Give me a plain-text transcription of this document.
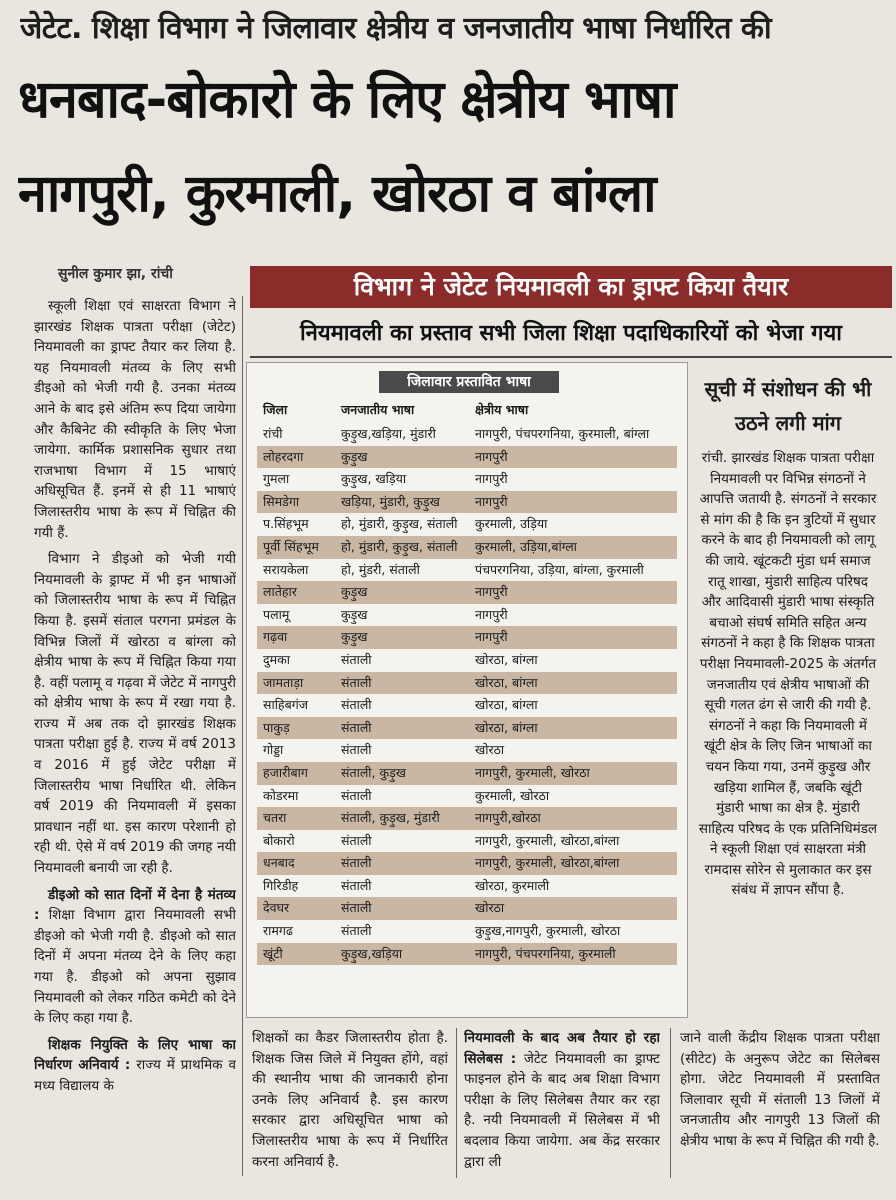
जेटेट. शिक्षा विभाग ने जिलावार क्षेत्रीय व जनजातीय भाषा निर्धारित की
धनबाद-बोकारो के लिए क्षेत्रीय भाषा
नागपुरी, कुरमाली, खोरठा व बांग्ला
सुनील कुमार झा, रांची

स्कूली शिक्षा एवं साक्षरता विभाग ने झारखंड शिक्षक पात्रता परीक्षा (जेटेट) नियमावली का ड्राफ्ट तैयार कर लिया है. यह नियमावली मंतव्य के लिए सभी डीइओ को भेजी गयी है. उनका मंतव्य आने के बाद इसे अंतिम रूप दिया जायेगा और कैबिनेट की स्वीकृति के लिए भेजा जायेगा. कार्मिक प्रशासनिक सुधार तथा राजभाषा विभाग में 15 भाषाएं अधिसूचित हैं. इनमें से ही 11 भाषाएं जिलास्तरीय भाषा के रूप में चिह्नित की गयी हैं.

विभाग ने डीइओ को भेजी गयी नियमावली के ड्राफ्ट में भी इन भाषाओं को जिलास्तरीय भाषा के रूप में चिह्नित किया है. इसमें संताल परगना प्रमंडल के विभिन्न जिलों में खोरठा व बांग्ला को क्षेत्रीय भाषा के रूप में चिह्नित किया गया है. वहीं पलामू व गढ़वा में जेटेट में नागपुरी को क्षेत्रीय भाषा के रूप में रखा गया है. राज्य में अब तक दो झारखंड शिक्षक पात्रता परीक्षा हुई है. राज्य में वर्ष 2013 व 2016 में हुई जेटेट परीक्षा में जिलास्तरीय भाषा निर्धारित थी. लेकिन वर्ष 2019 की नियमावली में इसका प्रावधान नहीं था. इस कारण परेशानी हो रही थी. ऐसे में वर्ष 2019 की जगह नयी नियमावली बनायी जा रही है.

डीइओ को सात दिनों में देना है मंतव्य : शिक्षा विभाग द्वारा नियमावली सभी डीइओ को भेजी गयी है. डीइओ को सात दिनों में अपना मंतव्य देने के लिए कहा गया है. डीइओ को अपना सुझाव नियमावली को लेकर गठित कमेटी को देने के लिए कहा गया है.

शिक्षक नियुक्ति के लिए भाषा का निर्धारण अनिवार्य : राज्य में प्राथमिक व मध्य विद्यालय के

विभाग ने जेटेट नियमावली का ड्राफ्ट किया तैयार
नियमावली का प्रस्ताव सभी जिला शिक्षा पदाधिकारियों को भेजा गया
जिलावार प्रस्तावित भाषा
जिला	जनजातीय भाषा	क्षेत्रीय भाषा
रांची	कुड़ुख,खड़िया, मुंडारी	नागपुरी, पंचपरगनिया, कुरमाली, बांग्ला
लोहरदगा	कुड़ुख	नागपुरी
गुमला	कुड़ुख, खड़िया	नागपुरी
सिमडेगा	खड़िया, मुंडारी, कुड़ुख	नागपुरी
प.सिंहभूम	हो, मुंडारी, कुड़ुख, संताली	कुरमाली, उड़िया
पूर्वी सिंहभूम	हो, मुंडारी, कुड़ुख, संताली	कुरमाली, उड़िया,बांग्ला
सरायकेला	हो, मुंडरी, संताली	पंचपरगनिया, उड़िया, बांग्ला, कुरमाली
लातेहार	कुड़ुख	नागपुरी
पलामू	कुड़ुख	नागपुरी
गढ़वा	कुड़ुख	नागपुरी
दुमका	संताली	खोरठा, बांग्ला
जामताड़ा	संताली	खोरठा, बांग्ला
साहिबगंज	संताली	खोरठा, बांग्ला
पाकुड़	संताली	खोरठा, बांग्ला
गोड्डा	संताली	खोरठा
हजारीबाग	संताली, कुड़ुख	नागपुरी, कुरमाली, खोरठा
कोडरमा	संताली	कुरमाली, खोरठा
चतरा	संताली, कुड़ुख, मुंडारी	नागपुरी,खोरठा
बोकारो	संताली	नागपुरी, कुरमाली, खोरठा,बांग्ला
धनबाद	संताली	नागपुरी, कुरमाली, खोरठा,बांग्ला
गिरिडीह	संताली	खोरठा, कुरमाली
देवघर	संताली	खोरठा
रामगढ	संताली	कुड़ुख,नागपुरी, कुरमाली, खोरठा
खूंटी	कुड़ुख,खड़िया	नागपुरी, पंचपरगनिया, कुरमाली
सूची में संशोधन की भी उठने लगी मांग

रांची. झारखंड शिक्षक पात्रता परीक्षा नियमावली पर विभिन्न संगठनों ने आपत्ति जतायी है. संगठनों ने सरकार से मांग की है कि इन त्रुटियों में सुधार करने के बाद ही नियमावली को लागू की जाये. खूंटकटी मुंडा धर्म समाज रातू शाखा, मुंडारी साहित्य परिषद और आदिवासी मुंडारी भाषा संस्कृति बचाओ संघर्ष समिति सहित अन्य संगठनों ने कहा है कि शिक्षक पात्रता परीक्षा नियमावली-2025 के अंतर्गत जनजातीय एवं क्षेत्रीय भाषाओं की सूची गलत ढंग से जारी की गयी है. संगठनों ने कहा कि नियमावली में खूंटी क्षेत्र के लिए जिन भाषाओं का चयन किया गया, उनमें कुड़ुख और खड़िया शामिल हैं, जबकि खूंटी मुंडारी भाषा का क्षेत्र है. मुंडारी साहित्य परिषद के एक प्रतिनिधिमंडल ने स्कूली शिक्षा एवं साक्षरता मंत्री रामदास सोरेन से मुलाकात कर इस संबंध में ज्ञापन सौंपा है.

शिक्षकों का कैडर जिलास्तरीय होता है. शिक्षक जिस जिले में नियुक्त होंगे, वहां की स्थानीय भाषा की जानकारी होना उनके लिए अनिवार्य है. इस कारण सरकार द्वारा अधिसूचित भाषा को जिलास्तरीय भाषा के रूप में निर्धारित करना अनिवार्य है.
नियमावली के बाद अब तैयार हो रहा सिलेबस : जेटेट नियमावली का ड्राफ्ट फाइनल होने के बाद अब शिक्षा विभाग परीक्षा के लिए सिलेबस तैयार कर रहा है. नयी नियमावली में सिलेबस में भी बदलाव किया जायेगा. अब केंद्र सरकार द्वारा ली
जाने वाली केंद्रीय शिक्षक पात्रता परीक्षा (सीटेट) के अनुरूप जेटेट का सिलेबस होगा. जेटेट नियमावली में प्रस्तावित जिलावार सूची में संताली 13 जिलों में जनजातीय और नागपुरी 13 जिलों की क्षेत्रीय भाषा के रूप में चिह्नित की गयी है.
